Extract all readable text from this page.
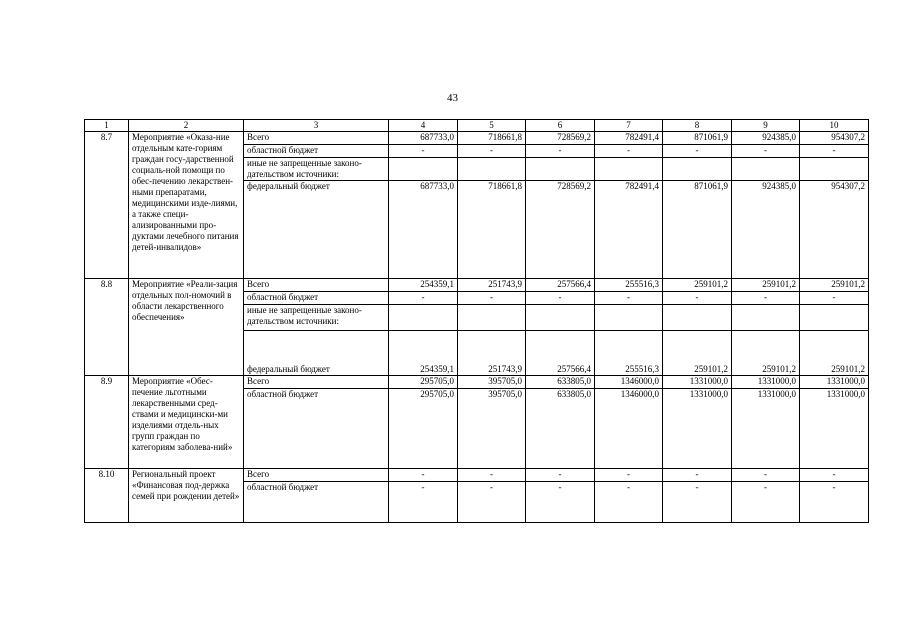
43
1	2	3	4	5	6	7	8	9	10
8.7	Мероприятие «Оказа-ние отдельным кате-гориям граждан госу-дарственной социаль-ной помощи по обес-печению лекарствен-ными препаратами, медицинскими изде-лиями, а также специ-ализированными про-дуктами лечебного питания детей-инвалидов»	Всего	687733,0	718661,8	728569,2	782491,4	871061,9	924385,0	954307,2
		областной бюджет	-	-	-	-	-	-	-
		иные не запрещенные законо-дательством источники:							
		федеральный бюджет	687733,0	718661,8	728569,2	782491,4	871061,9	924385,0	954307,2
8.8	Мероприятие «Реали-зация отдельных пол-номочий в области лекарственного обеспечения»	Всего	254359,1	251743,9	257566,4	255516,3	259101,2	259101,2	259101,2
		областной бюджет	-	-	-	-	-	-	-
		иные не запрещенные законо-дательством источники:							
		федеральный бюджет	254359,1	251743,9	257566,4	255516,3	259101,2	259101,2	259101,2
8.9	Мероприятие «Обес-печение льготными лекарственными сред-ствами и медицински-ми изделиями отдель-ных групп граждан по категориям заболева-ний»	Всего	295705,0	395705,0	633805,0	1346000,0	1331000,0	1331000,0	1331000,0
		областной бюджет	295705,0	395705,0	633805,0	1346000,0	1331000,0	1331000,0	1331000,0
8.10	Региональный проект «Финансовая под-держка семей при рождении детей»	Всего	-	-	-	-	-	-	-
		областной бюджет	-	-	-	-	-	-	-
